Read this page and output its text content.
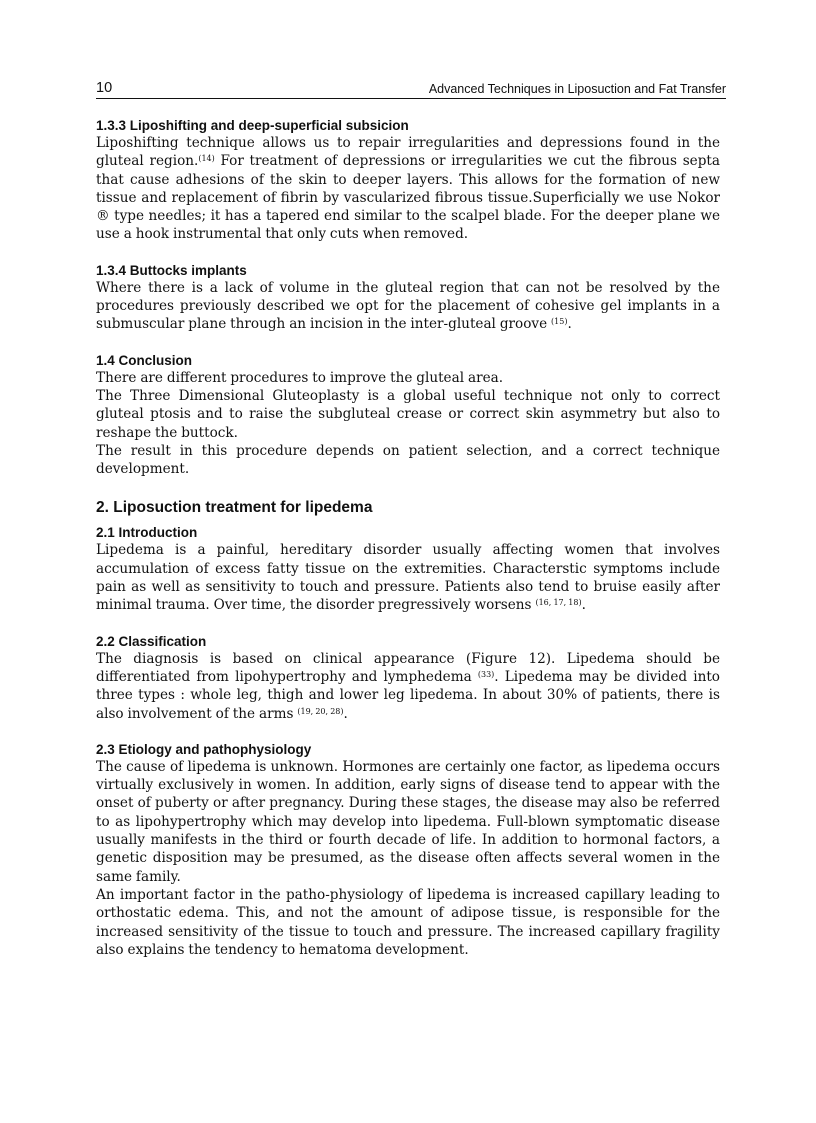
10	Advanced Techniques in Liposuction and Fat Transfer
1.3.3 Liposhifting and deep-superficial subsicion

Liposhifting technique allows us to repair irregularities and depressions found in the gluteal region.$^{(14)}$ For treatment of depressions or irregularities we cut the fibrous septa that cause adhesions of the skin to deeper layers. This allows for the formation of new tissue and replacement of fibrin by vascularized fibrous tissue.Superficially we use Nokor ® type needles; it has a tapered end similar to the scalpel blade. For the deeper plane we use a hook instrumental that only cuts when removed.

1.3.4 Buttocks implants

Where there is a lack of volume in the gluteal region that can not be resolved by the procedures previously described we opt for the placement of cohesive gel implants in a submuscular plane through an incision in the inter-gluteal groove $^{(15)}$.

1.4 Conclusion

There are different procedures to improve the gluteal area.

The Three Dimensional Gluteoplasty is a global useful technique not only to correct gluteal ptosis and to raise the subgluteal crease or correct skin asymmetry but also to reshape the buttock.

The result in this procedure depends on patient selection, and a correct technique development.

2. Liposuction treatment for lipedema
2.1 Introduction

Lipedema is a painful, hereditary disorder usually affecting women that involves accumulation of excess fatty tissue on the extremities. Characterstic symptoms include pain as well as sensitivity to touch and pressure. Patients also tend to bruise easily after minimal trauma. Over time, the disorder pregressively worsens $^{(16, 17, 18)}$.

2.2 Classification

The diagnosis is based on clinical appearance (Figure 12). Lipedema should be differentiated from lipohypertrophy and lymphedema $^{(33)}$. Lipedema may be divided into three types : whole leg, thigh and lower leg lipedema. In about 30% of patients, there is also involvement of the arms $^{(19, 20, 28)}$.

2.3 Etiology and pathophysiology

The cause of lipedema is unknown. Hormones are certainly one factor, as lipedema occurs virtually exclusively in women. In addition, early signs of disease tend to appear with the onset of puberty or after pregnancy. During these stages, the disease may also be referred to as lipohypertrophy which may develop into lipedema. Full-blown symptomatic disease usually manifests in the third or fourth decade of life. In addition to hormonal factors, a genetic disposition may be presumed, as the disease often affects several women in the same family.

An important factor in the patho-physiology of lipedema is increased capillary leading to orthostatic edema. This, and not the amount of adipose tissue, is responsible for the increased sensitivity of the tissue to touch and pressure. The increased capillary fragility also explains the tendency to hematoma development.
